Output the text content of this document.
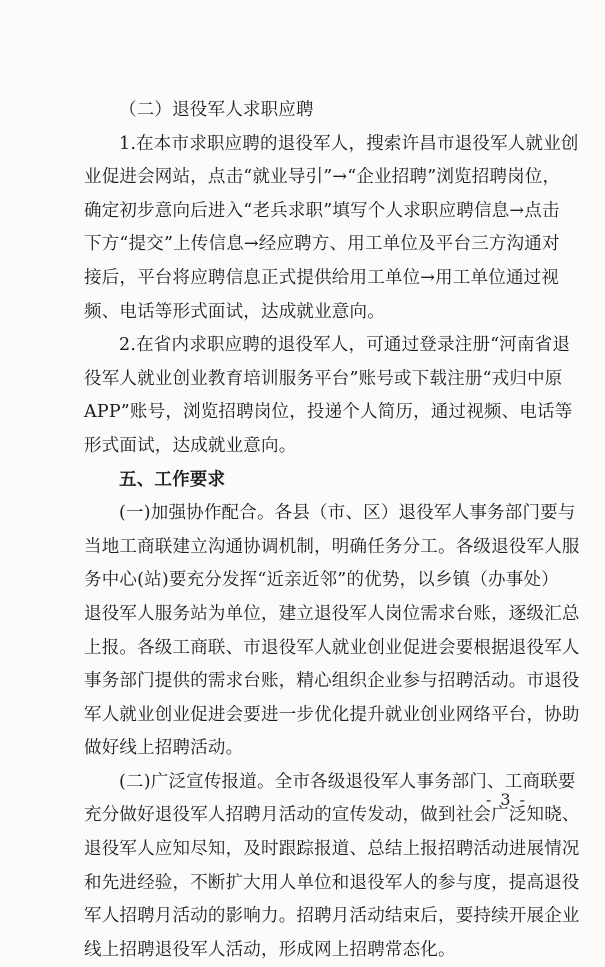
（二）退役军人求职应聘
1.在本市求职应聘的退役军人，搜索许昌市退役军人就业创
业促进会网站，点击“就业导引”→“企业招聘”浏览招聘岗位，
确定初步意向后进入“老兵求职”填写个人求职应聘信息→点击
下方“提交”上传信息→经应聘方、用工单位及平台三方沟通对
接后，平台将应聘信息正式提供给用工单位→用工单位通过视
频、电话等形式面试，达成就业意向。
2.在省内求职应聘的退役军人，可通过登录注册“河南省退
役军人就业创业教育培训服务平台”账号或下载注册“戎归中原
APP”账号，浏览招聘岗位，投递个人简历，通过视频、电话等
形式面试，达成就业意向。
五、工作要求
(一)加强协作配合。各县（市、区）退役军人事务部门要与
当地工商联建立沟通协调机制，明确任务分工。各级退役军人服
务中心(站)要充分发挥“近亲近邻”的优势，以乡镇（办事处）
退役军人服务站为单位，建立退役军人岗位需求台账，逐级汇总
上报。各级工商联、市退役军人就业创业促进会要根据退役军人
事务部门提供的需求台账，精心组织企业参与招聘活动。市退役
军人就业创业促进会要进一步优化提升就业创业网络平台，协助
做好线上招聘活动。
(二)广泛宣传报道。全市各级退役军人事务部门、工商联要
充分做好退役军人招聘月活动的宣传发动，做到社会广泛知晓、
退役军人应知尽知，及时跟踪报道、总结上报招聘活动进展情况
和先进经验，不断扩大用人单位和退役军人的参与度，提高退役
军人招聘月活动的影响力。招聘月活动结束后，要持续开展企业
线上招聘退役军人活动，形成网上招聘常态化。
- 3 -
